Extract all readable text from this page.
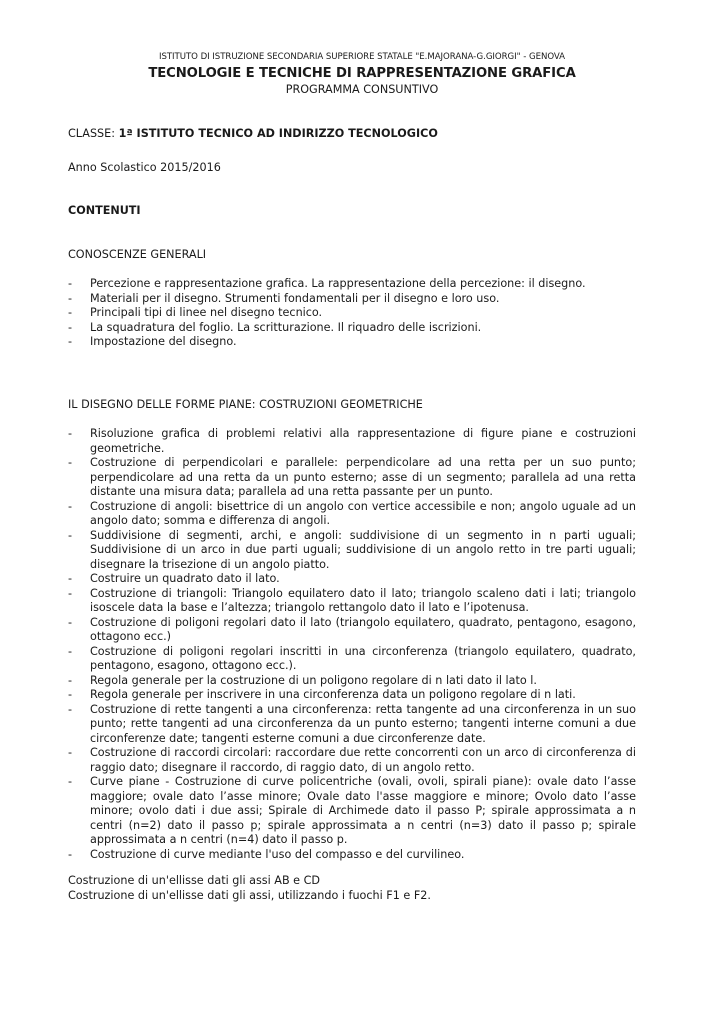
ISTITUTO DI ISTRUZIONE SECONDARIA SUPERIORE STATALE "E.MAJORANA-G.GIORGI" - GENOVA
TECNOLOGIE E TECNICHE DI RAPPRESENTAZIONE GRAFICA
PROGRAMMA CONSUNTIVO
CLASSE: 1ª ISTITUTO TECNICO AD INDIRIZZO TECNOLOGICO
Anno Scolastico 2015/2016
CONTENUTI
CONOSCENZE GENERALI
- Percezione e rappresentazione grafica. La rappresentazione della percezione: il disegno.
- Materiali per il disegno. Strumenti fondamentali per il disegno e loro uso.
- Principali tipi di linee nel disegno tecnico.
- La squadratura del foglio. La scritturazione. Il riquadro delle iscrizioni.
- Impostazione del disegno.
IL DISEGNO DELLE FORME PIANE: COSTRUZIONI GEOMETRICHE
- Risoluzione grafica di problemi relativi alla rappresentazione di figure piane e costruzioni geometriche.
- Costruzione di perpendicolari e parallele: perpendicolare ad una retta per un suo punto; perpendicolare ad una retta da un punto esterno; asse di un segmento; parallela ad una retta distante una misura data; parallela ad una retta passante per un punto.
- Costruzione di angoli: bisettrice di un angolo con vertice accessibile e non; angolo uguale ad un angolo dato; somma e differenza di angoli.
- Suddivisione di segmenti, archi, e angoli: suddivisione di un segmento in n parti uguali; Suddivisione di un arco in due parti uguali; suddivisione di un angolo retto in tre parti uguali; disegnare la trisezione di un angolo piatto.
- Costruire un quadrato dato il lato.
- Costruzione di triangoli: Triangolo equilatero dato il lato; triangolo scaleno dati i lati; triangolo isoscele data la base e l’altezza; triangolo rettangolo dato il lato e l’ipotenusa.
- Costruzione di poligoni regolari dato il lato (triangolo equilatero, quadrato, pentagono, esagono, ottagono ecc.)
- Costruzione di poligoni regolari inscritti in una circonferenza (triangolo equilatero, quadrato, pentagono, esagono, ottagono ecc.).
- Regola generale per la costruzione di un poligono regolare di n lati dato il lato l.
- Regola generale per inscrivere in una circonferenza data un poligono regolare di n lati.
- Costruzione di rette tangenti a una circonferenza: retta tangente ad una circonferenza in un suo punto; rette tangenti ad una circonferenza da un punto esterno; tangenti interne comuni a due circonferenze date; tangenti esterne comuni a due circonferenze date.
- Costruzione di raccordi circolari: raccordare due rette concorrenti con un arco di circonferenza di raggio dato; disegnare il raccordo, di raggio dato, di un angolo retto.
- Curve piane - Costruzione di curve policentriche (ovali, ovoli, spirali piane): ovale dato l’asse maggiore; ovale dato l’asse minore; Ovale dato l'asse maggiore e minore; Ovolo dato l’asse minore; ovolo dati i due assi; Spirale di Archimede dato il passo P; spirale approssimata a n centri (n=2) dato il passo p; spirale approssimata a n centri (n=3) dato il passo p; spirale approssimata a n centri (n=4) dato il passo p.
- Costruzione di curve mediante l'uso del compasso e del curvilineo.
Costruzione di un'ellisse dati gli assi AB e CD
Costruzione di un'ellisse dati gli assi, utilizzando i fuochi F1 e F2.
